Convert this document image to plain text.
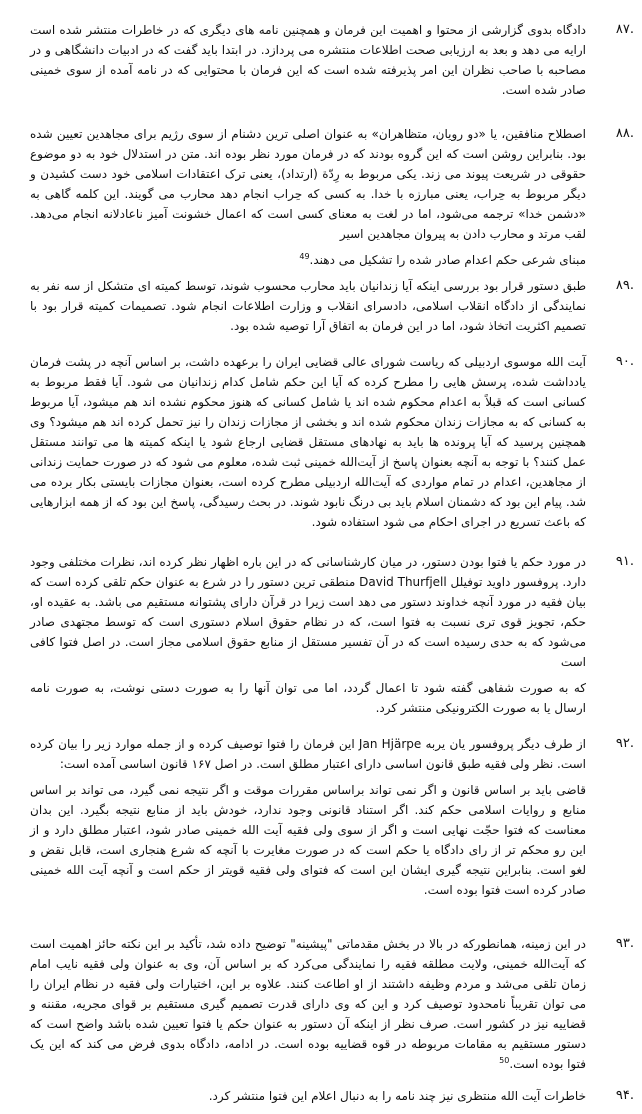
.۸۷

دادگاه بدوی گزارشی از محتوا و اهمیت این فرمان و همچنین نامه های دیگری که در خاطرات منتشر شده است ارایه می دهد و بعد به ارزیابی صحت اطلاعات منتشره می پردازد. در ابتدا باید گفت که در ادبیات دانشگاهی و در مصاحبه با صاحب نظران این امر پذیرفته شده است که این فرمان با محتوایی که در نامه آمده از سوی خمینی صادر شده است.

.۸۸

اصطلاح منافقین، یا «دو رویان، متظاهران» به عنوان اصلی ترین دشنام از سوی رژیم برای مجاهدین تعیین شده بود. بنابراین روشن است که این گروه بودند که در فرمان مورد نظر بوده اند. متن در استدلال خود به دو موضوع حقوقی در شریعت پیوند می زند. یکی مربوط به رِدّة (ارتداد)، یعنی ترک اعتقادات اسلامی خود دست کشیدن و دیگر مربوط به حِراب، یعنی مبارزه با خدا. به کسی که حِراب انجام دهد محارب می گویند. این کلمه گاهی به «دشمن خدا» ترجمه می‌شود، اما در لغت به معنای کسی است که اعمال خشونت آمیز ناعادلانه انجام می‌دهد. لقب مرتد و محارب دادن به پیروان مجاهدین اسیر

مبنای شرعی حکم اعدام صادر شده را تشکیل می دهند.$^{49}$

.۸۹

طبق دستور قرار بود بررسی اینکه آیا زندانیان باید محارب محسوب شوند، توسط کمیته ای متشکل از سه نفر به نمایندگی از دادگاه انقلاب اسلامی، دادسرای انقلاب و وزارت اطلاعات انجام شود. تصمیمات کمیته قرار بود با تصمیم اکثریت اتخاذ شود، اما در این فرمان به اتفاق آرا توصیه شده بود.

.۹۰

آیت الله موسوی اردبیلی که ریاست شورای عالی قضایی ایران را برعهده داشت، بر اساس آنچه در پشت فرمان یادداشت شده، پرسش هایی را مطرح کرده که آیا این حکم شامل کدام زندانیان می شود. آیا فقط مربوط به کسانی است که قبلاً به اعدام محکوم شده اند یا شامل کسانی که هنوز محکوم نشده اند هم میشود، آیا مربوط به کسانی که به مجازات زندان محکوم شده اند و بخشی از مجازات زندان را نیز تحمل کرده اند هم میشود؟ وی همچنین پرسید که آیا پرونده ها باید به نهادهای مستقل قضایی ارجاع شود یا اینکه کمیته ها می توانند مستقل عمل کنند؟ با توجه به آنچه بعنوان پاسخ از آیت‌الله خمینی ثبت شده، معلوم می شود که در صورت حمایت زندانی از مجاهدین، اعدام در تمام مواردی که آیت‌الله اردبیلی مطرح کرده است، بعنوان مجازات بایستی بکار برده می شد. پیام این بود که دشمنان اسلام باید بی درنگ نابود شوند. در بحث رسیدگی، پاسخ این بود که از همه ابزارهایی که باعث تسریع در اجرای احکام می شود استفاده شود.

.۹۱

در مورد حکم یا فتوا بودن دستور، در میان کارشناسانی که در این باره اظهار نظر کرده اند، نظرات مختلفی وجود دارد. پروفسور داوید توفیلل David Thurfjell منطقی ترین دستور را در شرع به عنوان حکم تلقی کرده است که بیان فقیه در مورد آنچه خداوند دستور می دهد است زیرا در قرآن دارای پشتوانه مستقیم می باشد. به عقیده او، حکم، تجویز قوی تری نسبت به فتوا است، که در نظام حقوق اسلام دستوری است که توسط مجتهدی صادر می‌شود که به حدی رسیده است که در آن تفسیر مستقل از منابع حقوق اسلامی مجاز است. در اصل فتوا کافی است

که به صورت شفاهی گفته شود تا اعمال گردد، اما می توان آنها را به صورت دستی نوشت، به صورت نامه ارسال یا به صورت الکترونیکی منتشر کرد.

.۹۲

از طرف دیگر پروفسور یان یربه Jan Hjärpe این فرمان را فتوا توصیف کرده و از جمله موارد زیر را بیان کرده است. نظر ولی فقیه طبق قانون اساسی دارای اعتبار مطلق است. در اصل ۱۶۷ قانون اساسی آمده است:

قاضی باید بر اساس قانون و اگر نمی تواند براساس مقررات موقت و اگر نتیجه نمی گیرد، می تواند بر اساس منابع و روایات اسلامی حکم کند. اگر استناد قانونی وجود ندارد، خودش باید از منابع نتیجه بگیرد. این بدان معناست که فتوا حجّت نهایی است و اگر از سوی ولی فقیه آیت الله خمینی صادر شود، اعتبار مطلق دارد و از این رو محکم تر از رای دادگاه یا حکم است که در صورت مغایرت با آنچه که شرع هنجاری است، قابل نقض و لغو است. بنابراین نتیجه گیری ایشان این است که فتوای ولی فقیه قویتر از حکم است و آنچه آیت الله خمینی صادر کرده است فتوا بوده است.

.۹۳

در این زمینه، همانطورکه در بالا در بخش مقدماتی "پیشینه" توضیح داده شد، تأکید بر این نکته حائز اهمیت است که آیت‌الله خمینی، ولایت مطلقه فقیه را نمایندگی می‌کرد که بر اساس آن، وی به عنوان ولی فقیه نایب امام زمان تلقی می‌شد و مردم وظیفه داشتند از او اطاعت کنند. علاوه بر این، اختیارات ولی فقیه در نظام ایران را می توان تقریباً نامحدود توصیف کرد و این که وی دارای قدرت تصمیم گیری مستقیم بر قوای مجریه، مقننه و قضاییه نیز در کشور است. صرف نظر از اینکه آن دستور به عنوان حکم یا فتوا تعیین شده باشد واضح است که دستور مستقیم به مقامات مربوطه در قوه قضاییه بوده است. در ادامه، دادگاه بدوی فرض می کند که این یک فتوا بوده است.$^{50}$

.۹۴

خاطرات آیت الله منتظری نیز چند نامه را به دنبال اعلام این فتوا منتشر کرد.
